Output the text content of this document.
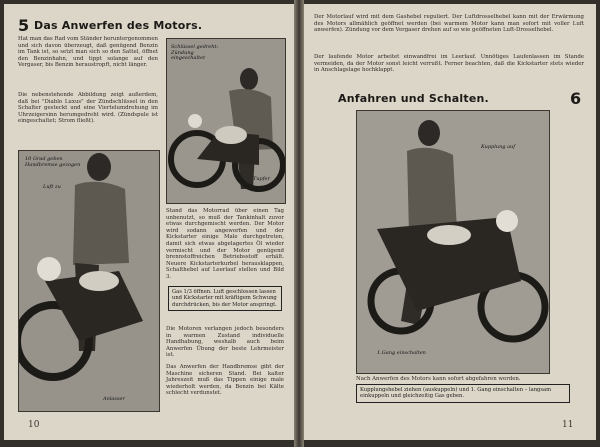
5 Das Anwerfen des Motors.
Hat man das Rad vom Ständer heruntergenommen und sich davon überzeugt, daß genügend Benzin im Tank ist, so setzt man sich so den Sattel, öffnet den Benzinhahn, und tippt solange auf den Vergaser, bis Benzin heraustropft, nicht länger.
Die nebenstehende Abbildung zeigt außerdem, daß bei "Diablo Luxus" der Zündschlüssel in den Schalter gesteckt und eine Viertelumdrehung im Uhrzeigersinn herumgedreht wird. (Zündspule ist eingeschaltet; Strom fließt).
Schlüssel gedreht: Zündung eingeschaltet
Tupfer
10 Grad geben Handbremse gezogen
Luft zu
Anlasser
Stand das Motorrad über einen Tag unbenutzt, so muß der Tankinhalt zuvor etwas durchgemischt werden. Der Motor wird sodann angeworfen und der Kickstarter einige Male durchgetreten, damit sich etwas abgelagertes Öl wieder vermischt und der Motor genügend brennstoffreichen Betriebsstoff erhält. Neuere Kickstarterkurbel herausklappen, Schalthebel auf Leerlauf stellen und Bild 3.
Gas 1/3 öffnen. Luft geschlossen lassen und Kickstarter mit kräftigem Schwung durchdrücken, bis der Motor anspringt.
Die Motoren verlangen jedoch besonders in warmen Zustand individuelle Handhabung, weshalb auch beim Anwerfen Übung der beste Lehrmeister ist.
Das Anwerfen der Handbremse gibt der Maschine sicheren Stand. Bei kalter Jahreszeit muß das Tippen einige male wiederholt werden, da Benzin bei Kälte schlecht verdunstet.
10
Der Motorlauf wird mit dem Gashebel reguliert. Der Luftdrosselhebel kann mit der Erwärmung des Motors allmählich geöffnet werden (bei warmem Motor kann man sofort mit voller Luft anwerfen). Zündung vor dem Vergaser drehen auf so wie geöffneten Luft-Drosselhebel.
Der laufende Motor arbeitet einwandfrei im Leerlauf. Unnötiges Laufenlassen im Stande vermeiden, da der Motor sonst leicht verrußt. Ferner beachten, daß die Kickstarter stets wieder in Anschlagslage hochklappt.
Anfahren und Schalten.	6
Kupplung auf
1.Gang einschalten
Nach Anwerfen des Motors kann sofort abgefahren werden.
Kupplungshebel ziehen (auskuppeln) und 1. Gang einschalten – langsam einkuppeln und gleichzeitig Gas geben.
11
